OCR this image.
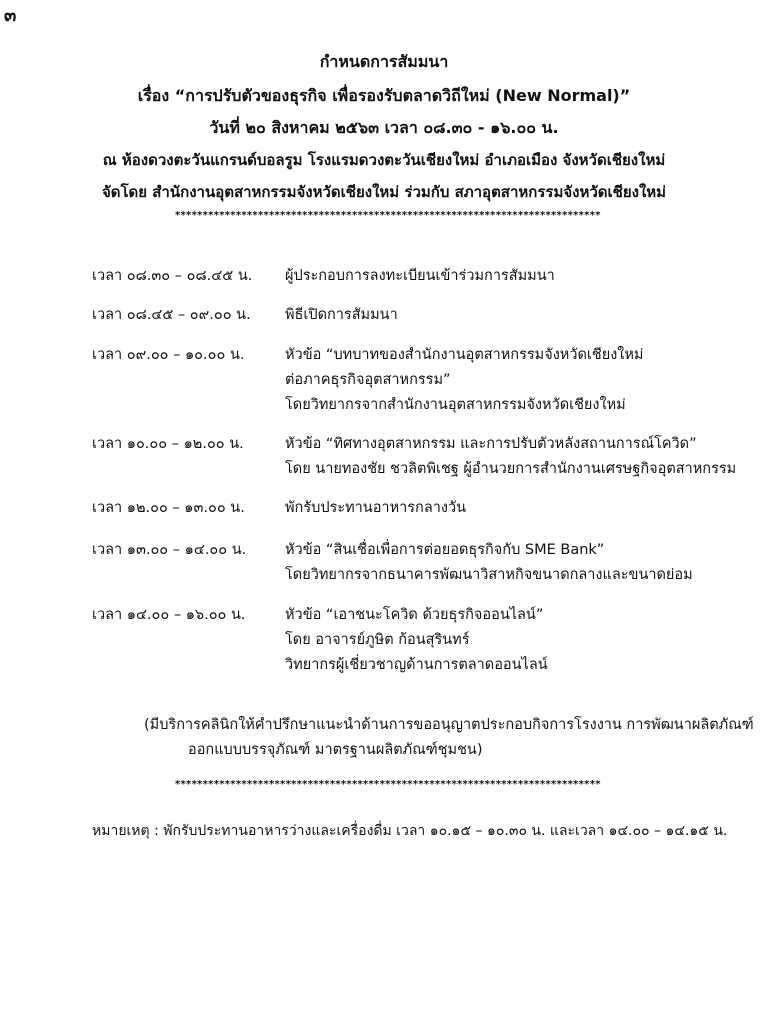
๓
กำหนดการสัมมนา
เรื่อง “การปรับตัวของธุรกิจ เพื่อรองรับตลาดวิถีใหม่ (New Normal)”
วันที่ ๒๐ สิงหาคม ๒๕๖๓ เวลา ๐๘.๓๐ - ๑๖.๐๐ น.
ณ ห้องดวงตะวันแกรนด์บอลรูม โรงแรมดวงตะวันเชียงใหม่ อำเภอเมือง จังหวัดเชียงใหม่
จัดโดย สำนักงานอุตสาหกรรมจังหวัดเชียงใหม่ ร่วมกับ สภาอุตสาหกรรมจังหวัดเชียงใหม่
*****************************************************************************
เวลา ๐๘.๓๐ – ๐๘.๔๕ น. ผู้ประกอบการลงทะเบียนเข้าร่วมการสัมมนา
เวลา ๐๘.๔๕ – ๐๙.๐๐ น. พิธีเปิดการสัมมนา
เวลา ๐๙.๐๐ – ๑๐.๐๐ น.	หัวข้อ “บทบาทของสำนักงานอุตสาหกรรมจังหวัดเชียงใหม่
ต่อภาคธุรกิจอุตสาหกรรม”
โดยวิทยากรจากสำนักงานอุตสาหกรรมจังหวัดเชียงใหม่
เวลา ๑๐.๐๐ – ๑๒.๐๐ น.	หัวข้อ “ทิศทางอุตสาหกรรม และการปรับตัวหลังสถานการณ์โควิด”
โดย นายทองชัย ชวลิตพิเชฐ ผู้อำนวยการสำนักงานเศรษฐกิจอุตสาหกรรม
เวลา ๑๒.๐๐ – ๑๓.๐๐ น.	พักรับประทานอาหารกลางวัน
เวลา ๑๓.๐๐ – ๑๔.๐๐ น.	หัวข้อ “สินเชื่อเพื่อการต่อยอดธุรกิจกับ SME Bank”
โดยวิทยากรจากธนาคารพัฒนาวิสาหกิจขนาดกลางและขนาดย่อม
เวลา ๑๔.๐๐ – ๑๖.๐๐ น.	หัวข้อ “เอาชนะโควิด ด้วยธุรกิจออนไลน์”
โดย อาจารย์ภูษิต ก้อนสุรินทร์
วิทยากรผู้เชี่ยวชาญด้านการตลาดออนไลน์
(มีบริการคลินิกให้คำปรึกษาแนะนำด้านการขออนุญาตประกอบกิจการโรงงาน การพัฒนาผลิตภัณฑ์
ออกแบบบรรจุภัณฑ์ มาตรฐานผลิตภัณฑ์ชุมชน)
*****************************************************************************
หมายเหตุ : พักรับประทานอาหารว่างและเครื่องดื่ม เวลา ๑๐.๑๕ – ๑๐.๓๐ น. และเวลา ๑๔.๐๐ – ๑๔.๑๕ น.
